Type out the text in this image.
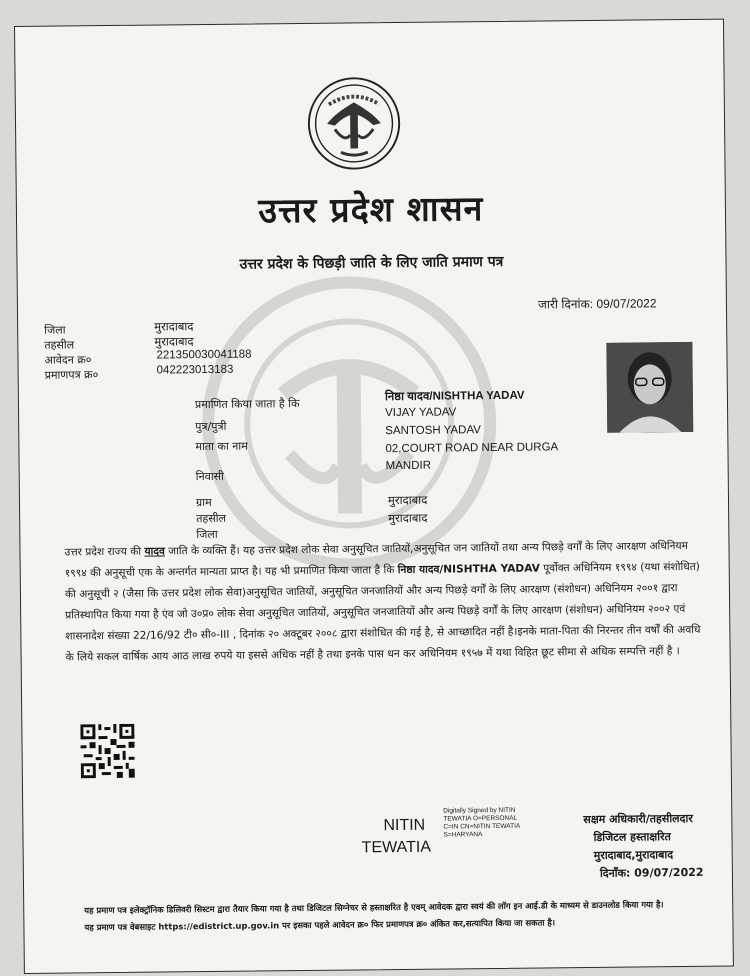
उत्तर प्रदेश शासन
उत्तर प्रदेश के पिछड़ी जाति के लिए जाति प्रमाण पत्र
जारी दिनांक: 09/07/2022
जिला
तहसील
आवेदन क्र०
प्रमाणपत्र क्र०
मुरादाबाद
मुरादाबाद
221350030041188
042223013183
प्रमाणित किया जाता है कि
पुत्र/पुत्री
माता का नाम
निवासी
ग्राम
तहसील
जिला
निष्ठा यादव/NISHTHA YADAV
VIJAY YADAV
SANTOSH YADAV
02,COURT ROAD NEAR DURGA
MANDIR
मुरादाबाद
मुरादाबाद
उत्तर प्रदेश राज्य की यादव जाति के व्यक्ति हैं। यह उत्तर प्रदेश लोक सेवा अनुसूचित जातियों,अनुसूचित जन जातियों तथा अन्य पिछड़े वर्गों के लिए आरक्षण अधिनियम १९९४ की अनुसूची एक के अन्तर्गत मान्यता प्राप्त है। यह भी प्रमाणित किया जाता है कि निष्ठा यादव/NISHTHA YADAV पूर्वोक्त अधिनियम १९९४ (यथा संशोधित) की अनुसूची २ (जैसा कि उत्तर प्रदेश लोक सेवा)अनुसूचित जातियों, अनुसूचित जनजातियों और अन्य पिछड़े वर्गों के लिए आरक्षण (संशोधन) अधिनियम २००१ द्वारा प्रतिस्थापित किया गया है एंव जो उ०प्र० लोक सेवा अनुसूचित जातियों, अनुसूचित जनजातियों और अन्य पिछड़े वर्गों के लिए आरक्षण (संशोधन) अधिनियम २००२ एवं शासनादेश संख्या 22/16/92 टी० सी०-III , दिनांक २० अक्टूबर २००८ द्वारा संशोधित की गई है, से आच्छादित नहीं है।इनके माता-पिता की निरन्तर तीन वर्षों की अवधि के लिये सकल वार्षिक आय आठ लाख रुपये या इससे अधिक नहीं है तथा इनके पास धन कर अधिनियम १९५७ में यथा विहित छूट सीमा से अधिक सम्पत्ति नहीं है ।
NITIN
TEWATIA
Digitally Signed by NITIN
TEWATIA O=PERSONAL
C=IN CN=NITIN TEWATIA
S=HARYANA
सक्षम अधिकारी/तहसीलदार
डिजिटल हस्ताक्षरित
मुरादाबाद,मुरादाबाद
दिनाँक: 09/07/2022
यह प्रमाण पत्र इलेक्ट्रॉनिक डिलिवरी सिस्टम द्वारा तैयार किया गया है तथा डिजिटल सिग्नेचर से हस्ताक्षरित है एवम् आवेदक द्वारा स्वयं की लॉग इन आई.डी के माध्यम से डाउनलोड किया गया है।
यह प्रमाण पत्र वेबसाइट https://edistrict.up.gov.in पर इसका पहले आवेदन क्र० फिर प्रमाणपत्र क्र० अंकित कर,सत्यापित किया जा सकता है।
